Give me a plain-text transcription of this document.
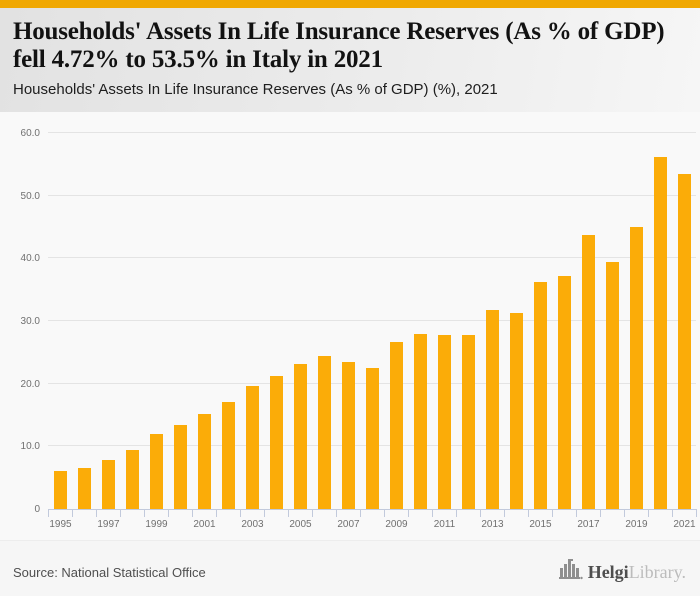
Households' Assets In Life Insurance Reserves (As % of GDP) fell 4.72% to 53.5% in Italy in 2021
Households' Assets In Life Insurance Reserves (As % of GDP) (%), 2021
0
10.0
20.0
30.0
40.0
50.0
60.0
1995	1997	1999	2001	2003	2005	2007	2009	2011	2013	2015	2017	2019	2021
Source: National Statistical Office	Helgi Library.
